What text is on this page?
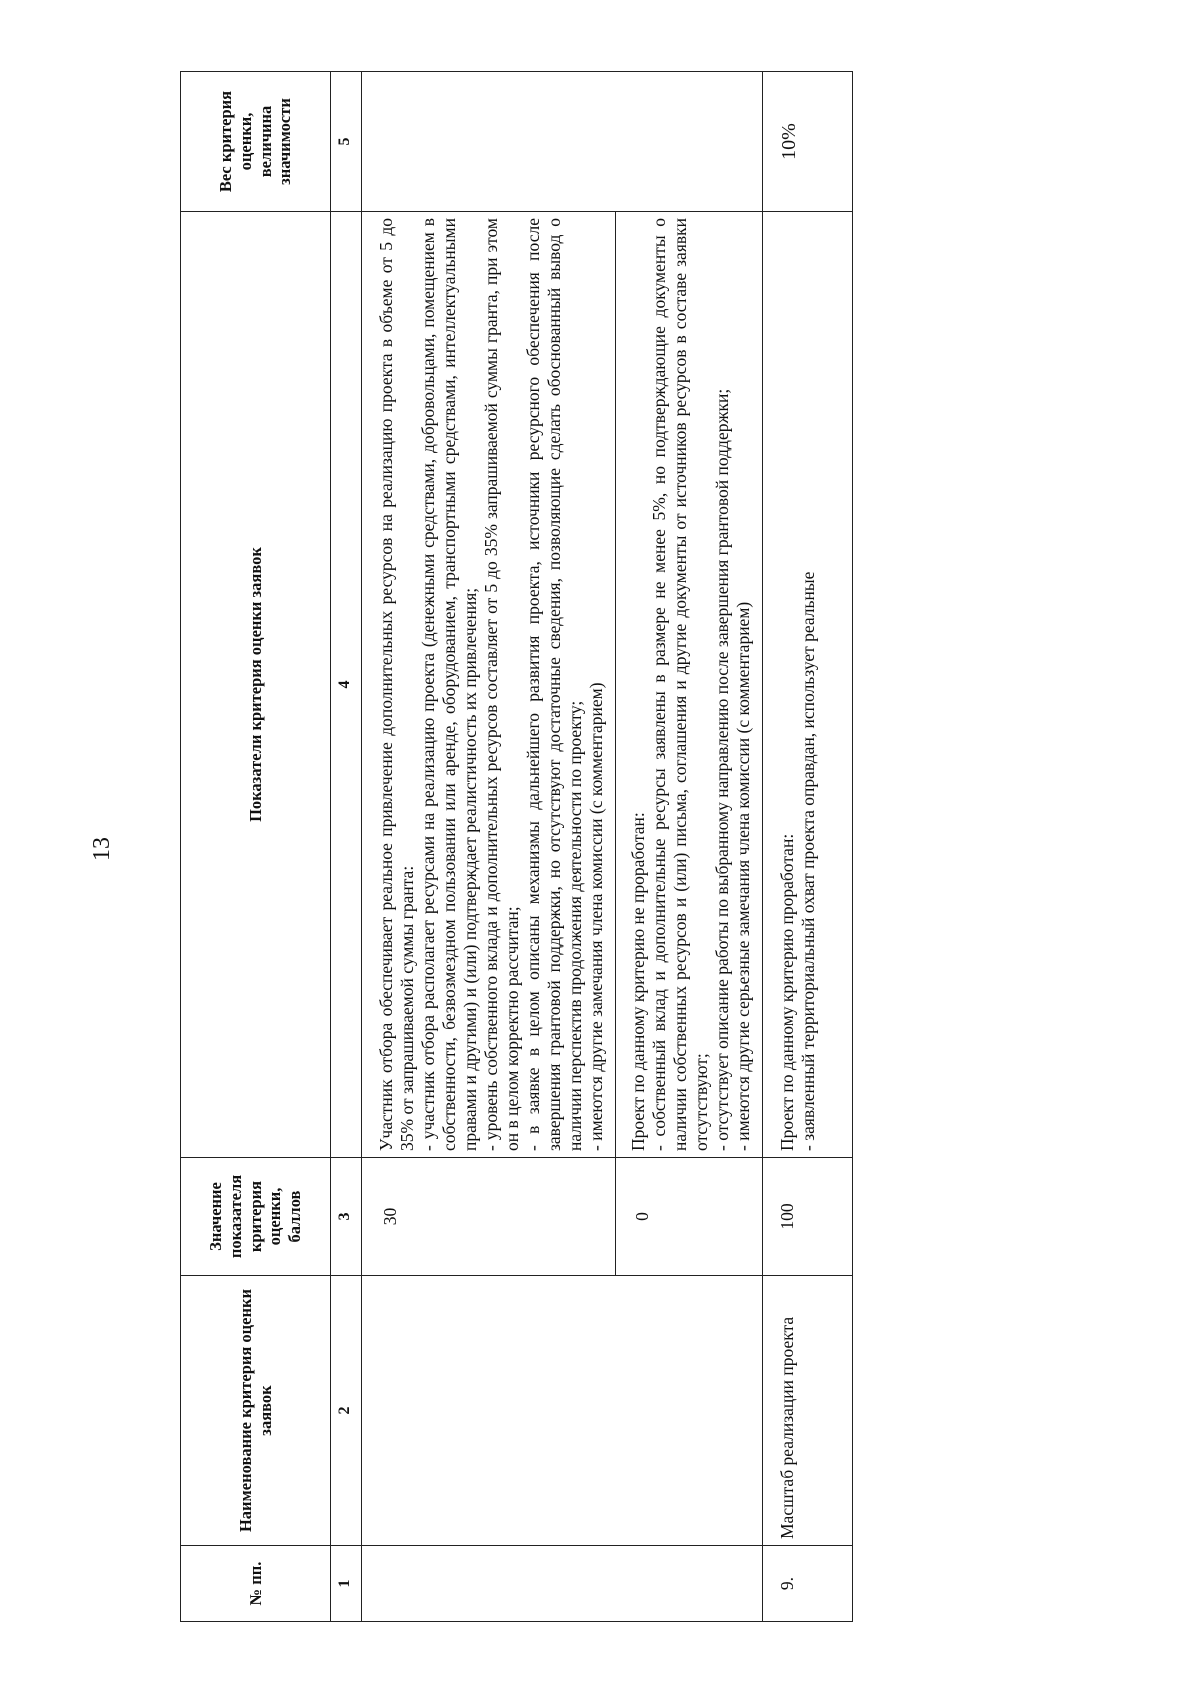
13
№ пп.	Наименование критерия оценки заявок	Значение показателя критерия оценки, баллов	Показатели критерия оценки заявок	Вес критерия оценки, величина значимости
1	2	3	4	5
		30	Участник отбора обеспечивает реальное привлечение дополнительных ресурсов на реализацию проекта в объеме от 5 до 35% от запрашиваемой суммы гранта: - участник отбора располагает ресурсами на реализацию проекта (денежными средствами, добровольцами, помещением в собственности, безвозмездном пользовании или аренде, оборудованием, транспортными средствами, интеллектуальными правами и другими) и (или) подтверждает реалистичность их привлечения; - уровень собственного вклада и дополнительных ресурсов составляет от 5 до 35% запрашиваемой суммы гранта, при этом он в целом корректно рассчитан; - в заявке в целом описаны механизмы дальнейшего развития проекта, источники ресурсного обеспечения после завершения грантовой поддержки, но отсутствуют достаточные сведения, позволяющие сделать обоснованный вывод о наличии перспектив продолжения деятельности по проекту; - имеются другие замечания члена комиссии (с комментарием)	

		0	Проект по данному критерию не проработан: - собственный вклад и дополнительные ресурсы заявлены в размере не менее 5%, но подтверждающие документы о наличии собственных ресурсов и (или) письма, соглашения и другие документы от источников ресурсов в составе заявки отсутствуют; - отсутствует описание работы по выбранному направлению после завершения грантовой поддержки; - имеются другие серьезные замечания члена комиссии (с комментарием)	

9.	Масштаб реализации проекта	100	Проект по данному критерию проработан: - заявленный территориальный охват проекта оправдан, использует реальные	10%
